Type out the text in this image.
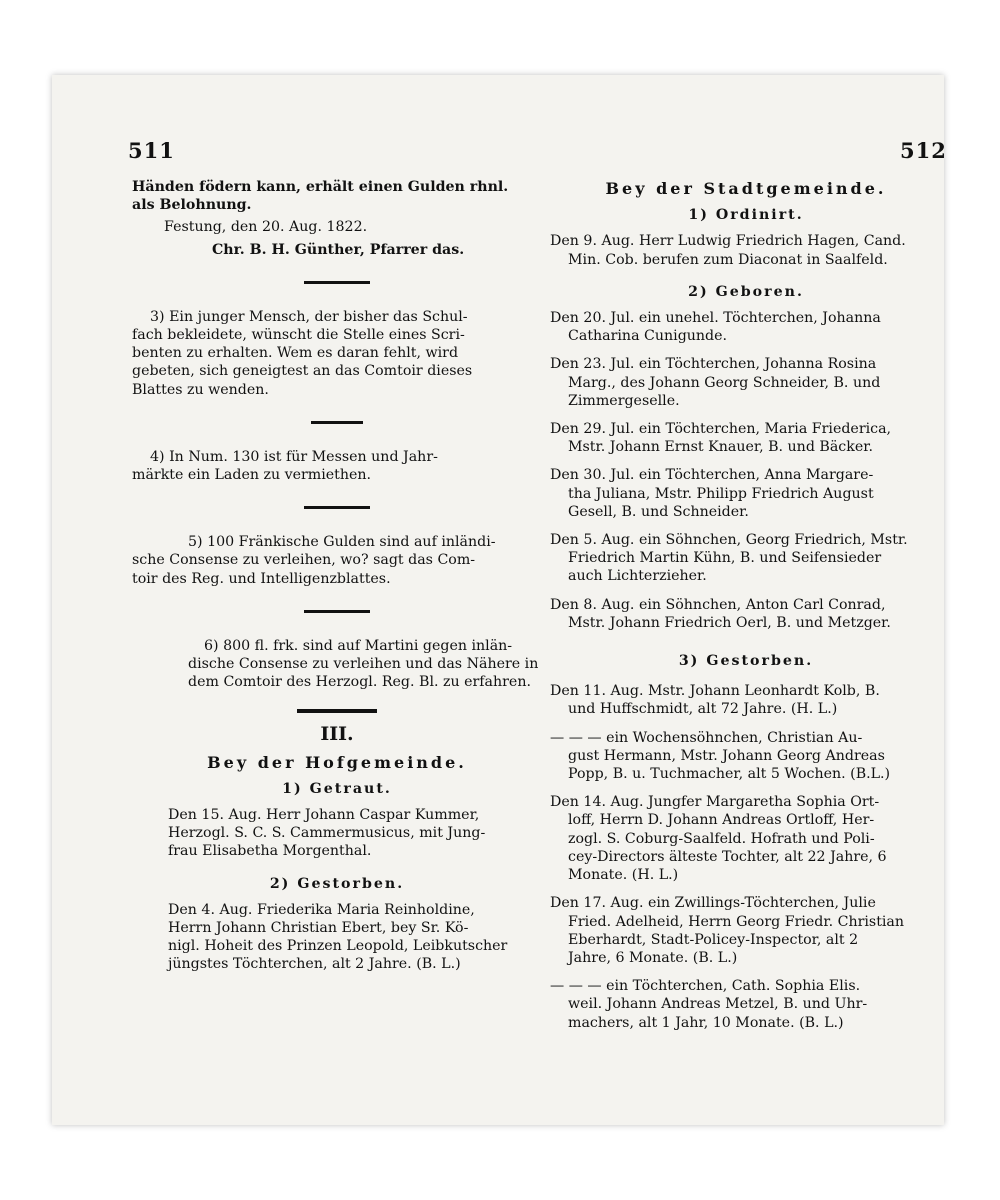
511	512
Händen födern kann, erhält einen Gulden rhnl.
als Belohnung.
Festung, den 20. Aug. 1822.
Chr. B. H. Günther, Pfarrer das.
3) Ein junger Mensch, der bisher das Schul-
fach bekleidete, wünscht die Stelle eines Scri-
benten zu erhalten. Wem es daran fehlt, wird
gebeten, sich geneigtest an das Comtoir dieses
Blattes zu wenden.
4) In Num. 130 ist für Messen und Jahr-
märkte ein Laden zu vermiethen.
5) 100 Fränkische Gulden sind auf inländi-
sche Consense zu verleihen, wo? sagt das Com-
toir des Reg. und Intelligenzblattes.
6) 800 fl. frk. sind auf Martini gegen inlän-
dische Consense zu verleihen und das Nähere in
dem Comtoir des Herzogl. Reg. Bl. zu erfahren.
III.
Bey der Hofgemeinde.
1) Getraut.
Den 15. Aug. Herr Johann Caspar Kummer,
Herzogl. S. C. S. Cammermusicus, mit Jung-
frau Elisabetha Morgenthal.
2) Gestorben.
Den 4. Aug. Friederika Maria Reinholdine,
Herrn Johann Christian Ebert, bey Sr. Kö-
nigl. Hoheit des Prinzen Leopold, Leibkutscher
jüngstes Töchterchen, alt 2 Jahre. (B. L.)
Bey der Stadtgemeinde.
1) Ordinirt.
Den 9. Aug. Herr Ludwig Friedrich Hagen, Cand.
Min. Cob. berufen zum Diaconat in Saalfeld.
2) Geboren.
Den 20. Jul. ein unehel. Töchterchen, Johanna
Catharina Cunigunde.
Den 23. Jul. ein Töchterchen, Johanna Rosina
Marg., des Johann Georg Schneider, B. und
Zimmergeselle.
Den 29. Jul. ein Töchterchen, Maria Friederica,
Mstr. Johann Ernst Knauer, B. und Bäcker.
Den 30. Jul. ein Töchterchen, Anna Margare-
tha Juliana, Mstr. Philipp Friedrich August
Gesell, B. und Schneider.
Den 5. Aug. ein Söhnchen, Georg Friedrich, Mstr.
Friedrich Martin Kühn, B. und Seifensieder
auch Lichterzieher.
Den 8. Aug. ein Söhnchen, Anton Carl Conrad,
Mstr. Johann Friedrich Oerl, B. und Metzger.
3) Gestorben.
Den 11. Aug. Mstr. Johann Leonhardt Kolb, B.
und Huffschmidt, alt 72 Jahre. (H. L.)
— — — ein Wochensöhnchen, Christian Au-
gust Hermann, Mstr. Johann Georg Andreas
Popp, B. u. Tuchmacher, alt 5 Wochen. (B.L.)
Den 14. Aug. Jungfer Margaretha Sophia Ort-
loff, Herrn D. Johann Andreas Ortloff, Her-
zogl. S. Coburg-Saalfeld. Hofrath und Poli-
cey-Directors älteste Tochter, alt 22 Jahre, 6
Monate. (H. L.)
Den 17. Aug. ein Zwillings-Töchterchen, Julie
Fried. Adelheid, Herrn Georg Friedr. Christian
Eberhardt, Stadt-Policey-Inspector, alt 2
Jahre, 6 Monate. (B. L.)
— — — ein Töchterchen, Cath. Sophia Elis.
weil. Johann Andreas Metzel, B. und Uhr-
machers, alt 1 Jahr, 10 Monate. (B. L.)
